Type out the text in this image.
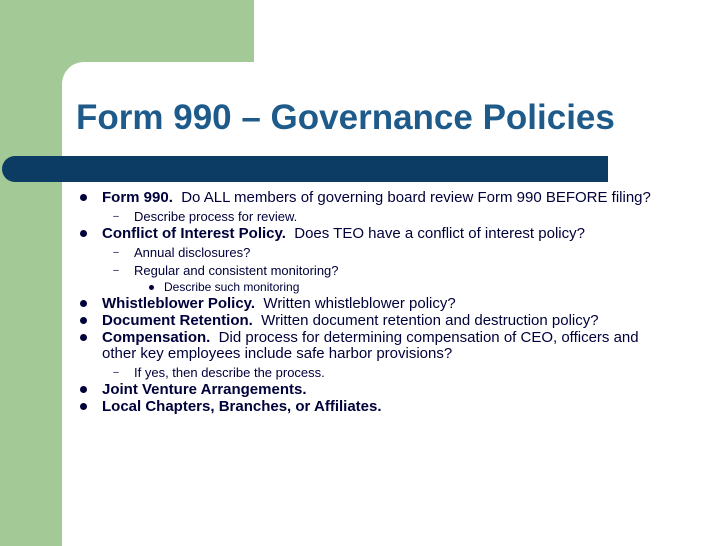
Form 990 – Governance Policies
Form 990.  Do ALL members of governing board review Form 990 BEFORE filing?
– Describe process for review.
Conflict of Interest Policy.  Does TEO have a conflict of interest policy?
– Annual disclosures?
– Regular and consistent monitoring?
Describe such monitoring
Whistleblower Policy.  Written whistleblower policy?
Document Retention.  Written document retention and destruction policy?
Compensation.  Did process for determining compensation of CEO, officers and other key employees include safe harbor provisions?
– If yes, then describe the process.
Joint Venture Arrangements.
Local Chapters, Branches, or Affiliates.
